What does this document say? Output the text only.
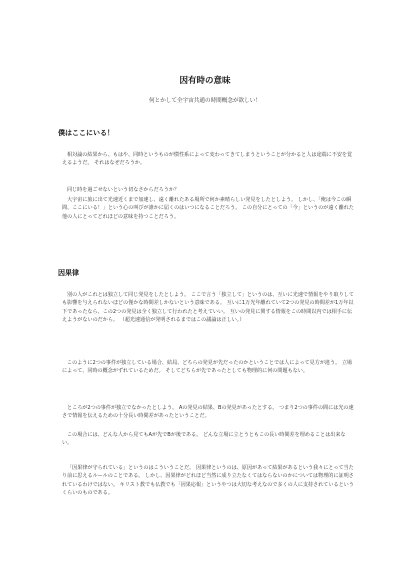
因有時の意味
何とかして全宇宙共通の時間概念が欲しい！
僕はここにいる！

相対論の結果から、もはや、同時というものが慣性系によって変わってきてしまうということが分かると人は途端に不安を覚えるようだ。 それはなぜだろうか。

同じ時を過ごせないという切なさからだろうか？

大宇宙に旅に出て光速近くまで加速し、遠く離れたある場所で何か素晴らしい発見をしたとしよう。 しかし、「俺は今この瞬間、ここにいる！」という心の叫びが誰かに届くのはいつになることだろう。 この自分にとっての「今」というのが遠く離れた他の人にとってどれほどの意味を持つことだろう。

因果律

別の人がこれとは独立して同じ発見をしたとしよう。 ここで言う「独立して」というのは、互いに光速で情報をやり取りしても影響を与えられないほどの僅かな時間差しかないという意味である。 互いに1万光年離れていて2つの発見の時間差が1万年以下であったなら、この2つの発見は全く独立して行われたと考えていい。 互いの発見に関する情報をこの時間以内では相手に伝えようがないのだから。 （超光速通信が発明されるまではこの議論は正しい。）

このように2つの事件が独立している場合、結局、どちらの発見が先だったのかということでは人によって見方が違う。 立場によって、同時の概念がずれているためだ。 そしてどちらが先であったとしても物理的に何の問題もない。

ところが2つの事件が独立でなかったとしよう。 Aの発見の結果、Bの発見があったとする。 つまり2つの事件の間には光の速さで情報を伝えるための十分長い時間差があったということだ。

この場合には、どんな人から見てもAが先でBが後である。 どんな立場に立とうともこの長い時間差を埋めることは出来ない。

「因果律が守られている」というのはこういうことだ。 因果律というのは、原因があって結果があるという我々にとって当たり前に思えるルールのことである。 しかし、因果律がどれほど当然に成り立たなくてはならないのかについては物理的に証明されているわけではない。 キリスト教でも仏教でも「因果応報」というやつは大切な考えなので多くの人に支持されているというくらいのものである。
